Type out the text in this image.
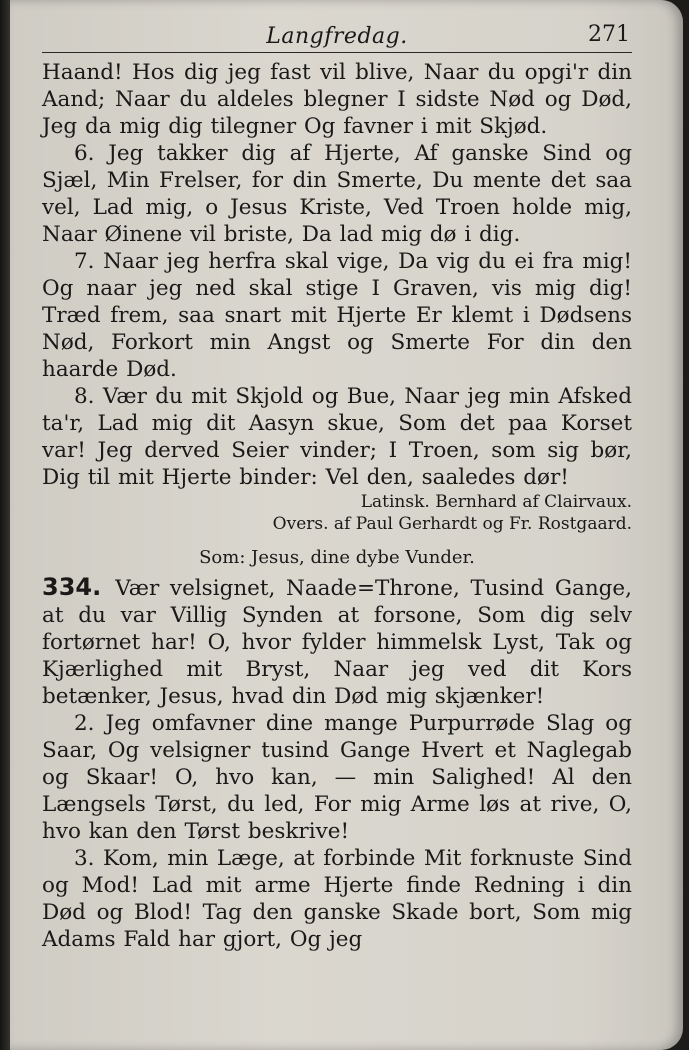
Langfredag.	271

Haand! Hos dig jeg fast vil blive, Naar du opgi'r din Aand; Naar du aldeles blegner I sidste Nød og Død, Jeg da mig dig tilegner Og favner i mit Skjød.

6. Jeg takker dig af Hjerte, Af ganske Sind og Sjæl, Min Frelser, for din Smerte, Du mente det saa vel, Lad mig, o Jesus Kriste, Ved Troen holde mig, Naar Øinene vil briste, Da lad mig dø i dig.

7. Naar jeg herfra skal vige, Da vig du ei fra mig! Og naar jeg ned skal stige I Graven, vis mig dig! Træd frem, saa snart mit Hjerte Er klemt i Dødsens Nød, Forkort min Angst og Smerte For din den haarde Død.

8. Vær du mit Skjold og Bue, Naar jeg min Afsked ta'r, Lad mig dit Aasyn skue, Som det paa Korset var! Jeg derved Seier vinder; I Troen, som sig bør, Dig til mit Hjerte binder: Vel den, saaledes dør!

Latinsk. Bernhard af Clairvaux.

Overs. af Paul Gerhardt og Fr. Rostgaard.

Som: Jesus, dine dybe Vunder.

334. Vær velsignet, Naade=Throne, Tusind Gange, at du var Villig Synden at forsone, Som dig selv fortørnet har! O, hvor fylder himmelsk Lyst, Tak og Kjærlighed mit Bryst, Naar jeg ved dit Kors betænker, Jesus, hvad din Død mig skjænker!

2. Jeg omfavner dine mange Purpurrøde Slag og Saar, Og velsigner tusind Gange Hvert et Naglegab og Skaar! O, hvo kan, — min Salighed! Al den Længsels Tørst, du led, For mig Arme løs at rive, O, hvo kan den Tørst beskrive!

3. Kom, min Læge, at forbinde Mit forknuste Sind og Mod! Lad mit arme Hjerte finde Redning i din Død og Blod! Tag den ganske Skade bort, Som mig Adams Fald har gjort, Og jeg
